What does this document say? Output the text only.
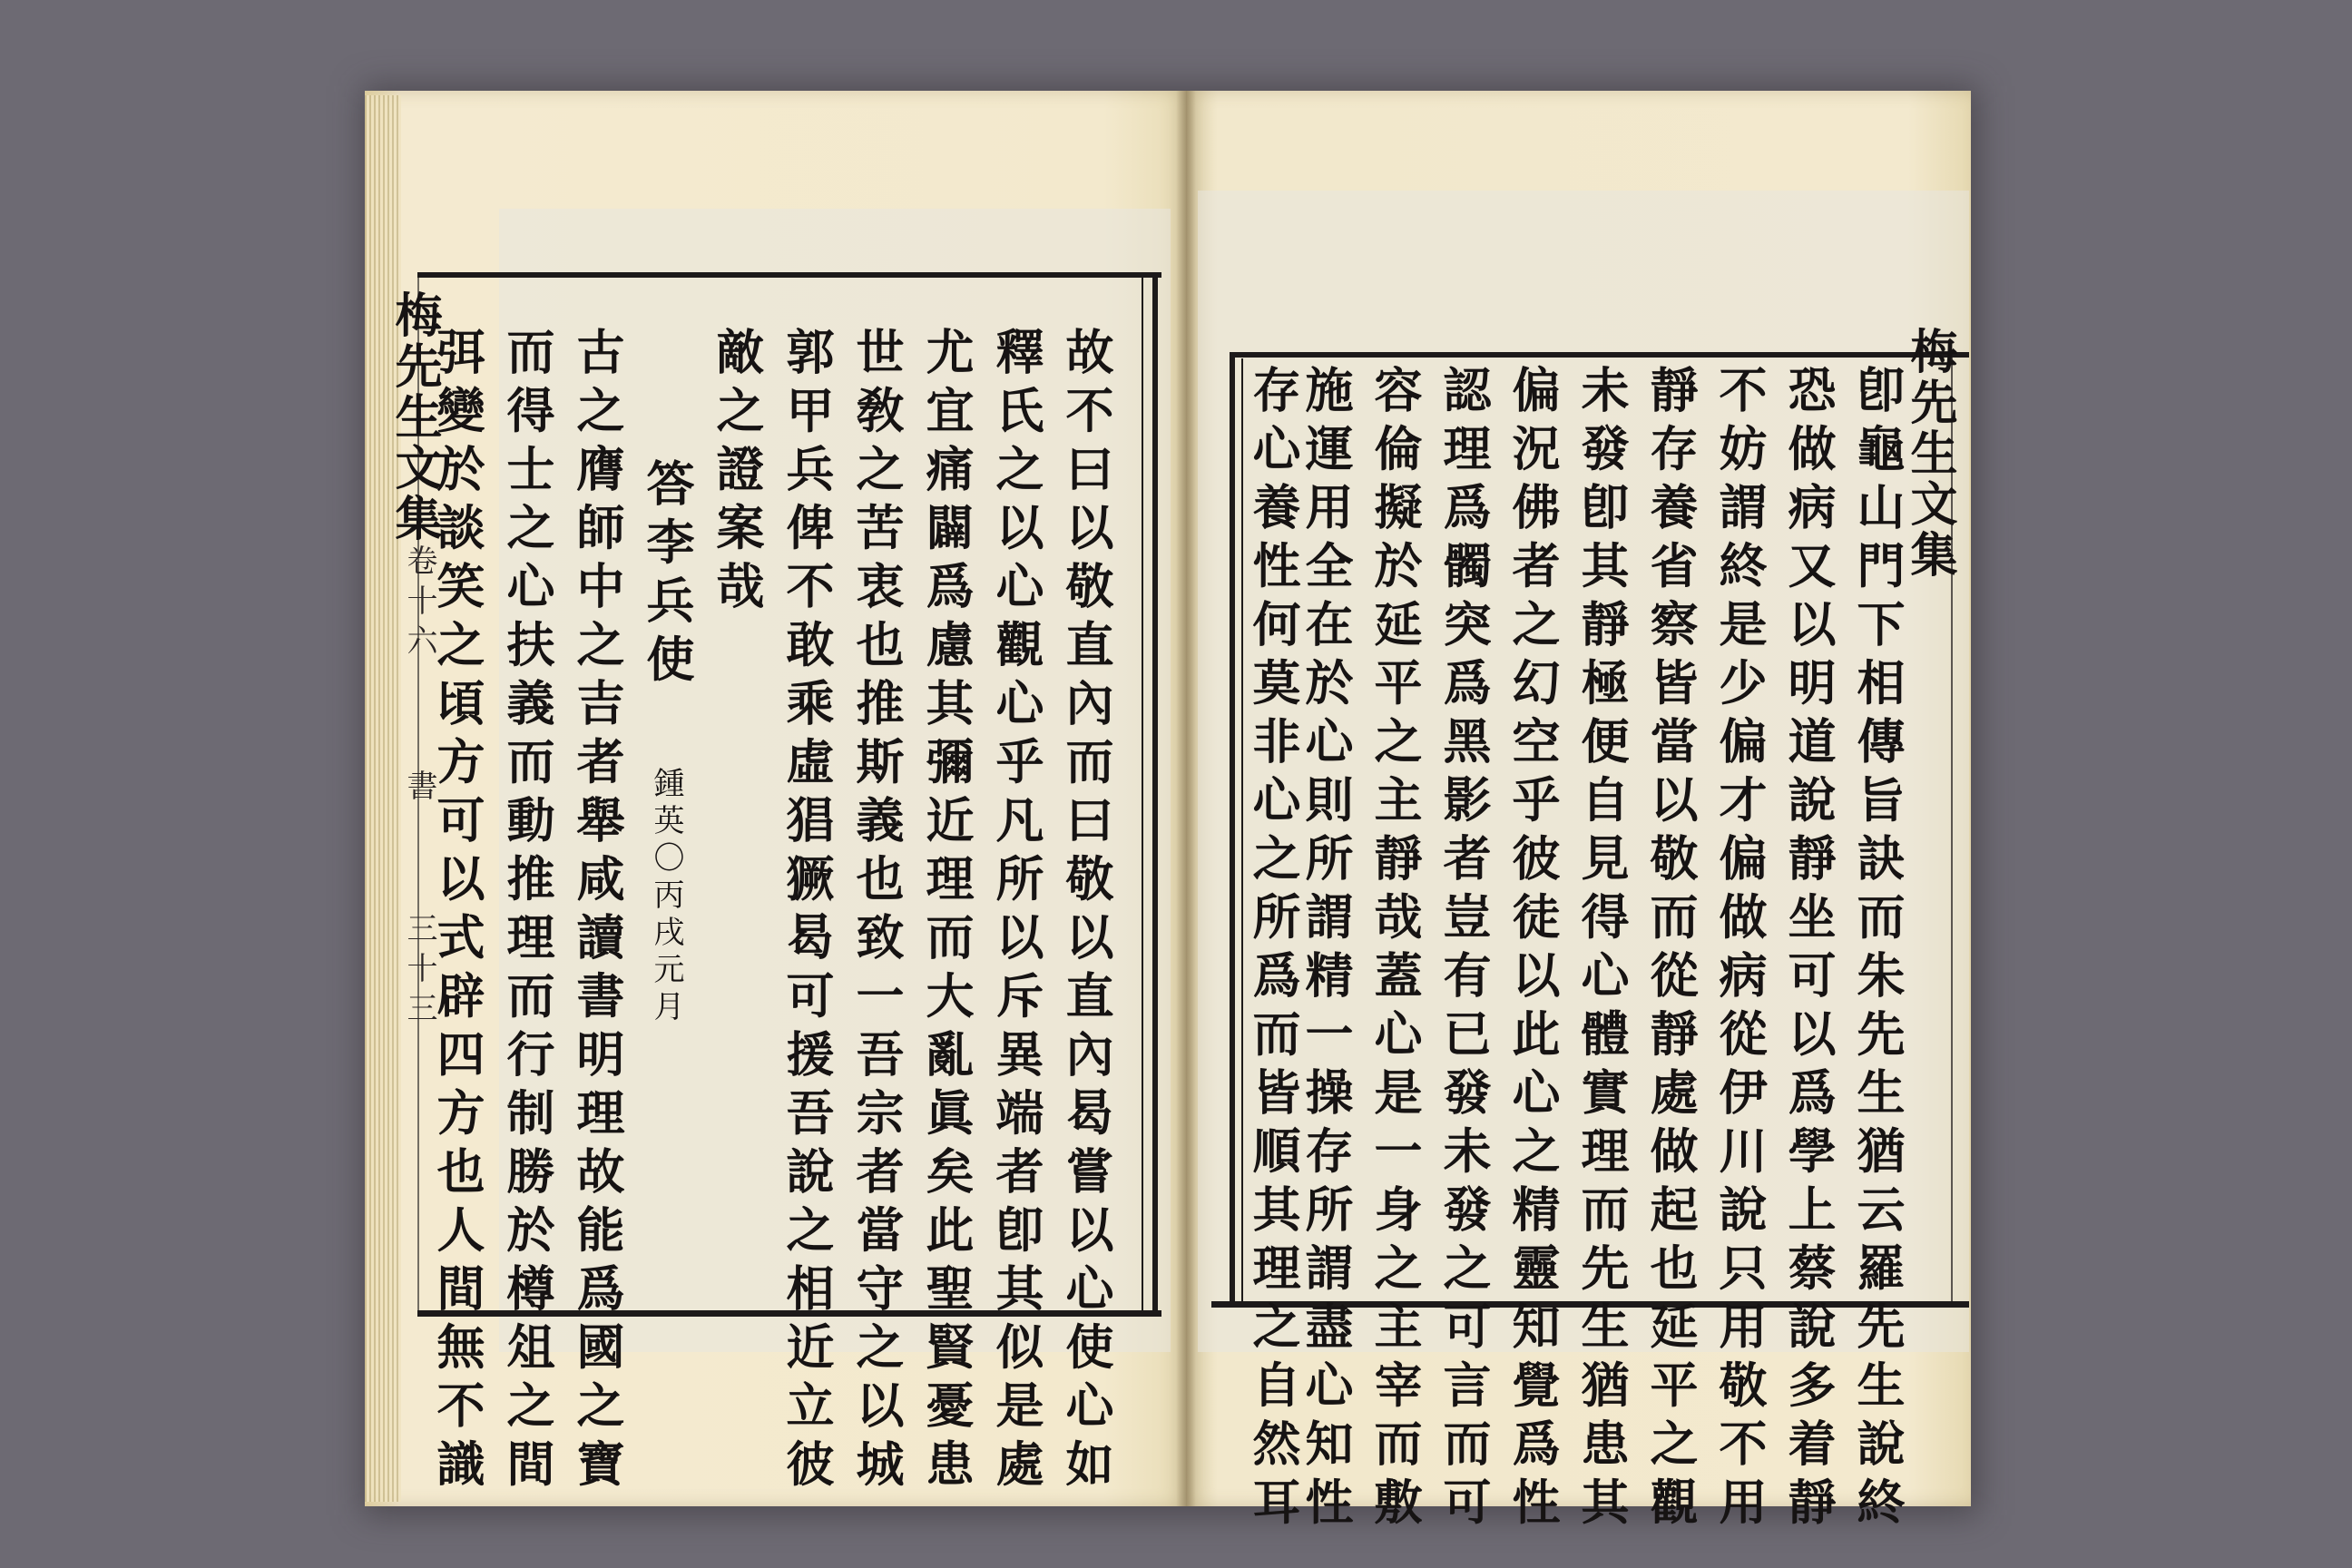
梅先生文集
卷十六
書
三十三	故不曰以敬直內而曰敬以直內曷嘗以心使心如
釋氏之以心觀心乎凡所以斥異端者卽其似是處
尤宜痛闢爲慮其彌近理而大亂眞矣此聖賢憂患
世敎之苦衷也推斯義也致一吾宗者當守之以城
郭甲兵俾不敢乘虛猖獗曷可援吾說之相近立彼
敵之證案哉
答李兵使
鍾英〇丙戌元月
古之膺師中之吉者舉咸讀書明理故能爲國之寶
而得士之心扶義而動推理而行制勝於樽俎之間
弭變於談笑之頃方可以式辟四方也人間無不識	梅先生文集
卽龜山門下相傳旨訣而朱先生猶云羅先生說終
恐做病又以明道說靜坐可以爲學上蔡說多着靜
不妨謂終是少偏才偏做病從伊川說只用敬不用
靜存養省察皆當以敬而從靜處做起也延平之觀
未發卽其靜極便自見得心體實理而先生猶患其
偏況佛者之幻空乎彼徒以此心之精靈知覺爲性
認理爲髑突爲黑影者豈有已發未發之可言而可
容倫擬於延平之主靜哉蓋心是一身之主宰而敷
施運用全在於心則所謂精一操存所謂盡心知性
存心養性何莫非心之所爲而皆順其理之自然耳
